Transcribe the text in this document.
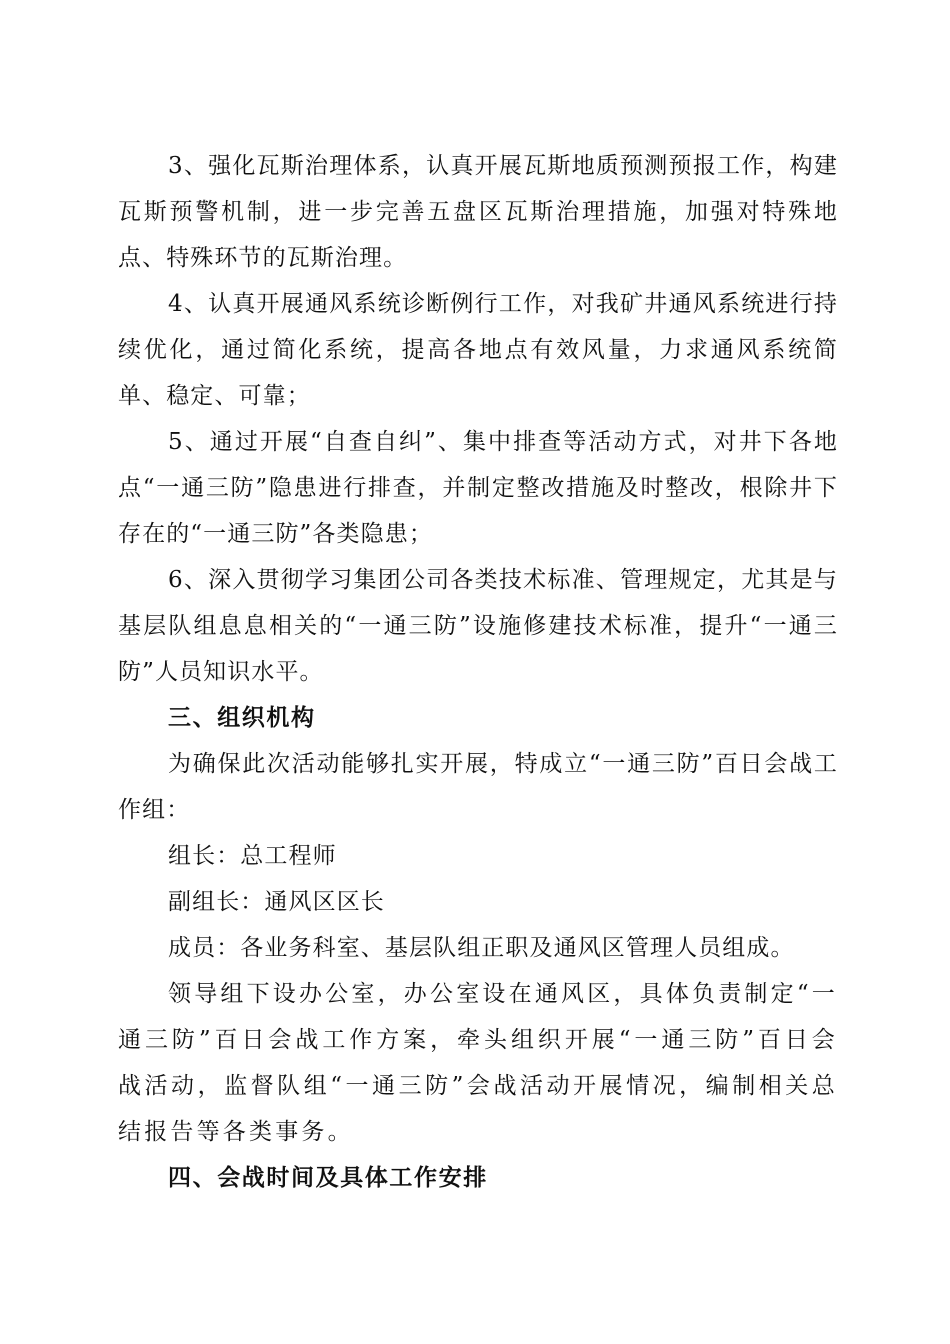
3、强化瓦斯治理体系，认真开展瓦斯地质预测预报工作，构建瓦斯预警机制，进一步完善五盘区瓦斯治理措施，加强对特殊地点、特殊环节的瓦斯治理。

4、认真开展通风系统诊断例行工作，对我矿井通风系统进行持续优化，通过简化系统，提高各地点有效风量，力求通风系统简单、稳定、可靠；

5、通过开展“自查自纠”、集中排查等活动方式，对井下各地点“一通三防”隐患进行排查，并制定整改措施及时整改，根除井下存在的“一通三防”各类隐患；

6、深入贯彻学习集团公司各类技术标准、管理规定，尤其是与基层队组息息相关的“一通三防”设施修建技术标准，提升“一通三防”人员知识水平。

三、组织机构

为确保此次活动能够扎实开展，特成立“一通三防”百日会战工作组：

组长：总工程师

副组长：通风区区长

成员：各业务科室、基层队组正职及通风区管理人员组成。

领导组下设办公室，办公室设在通风区，具体负责制定“一通三防”百日会战工作方案，牵头组织开展“一通三防”百日会战活动，监督队组“一通三防”会战活动开展情况，编制相关总结报告等各类事务。

四、会战时间及具体工作安排
